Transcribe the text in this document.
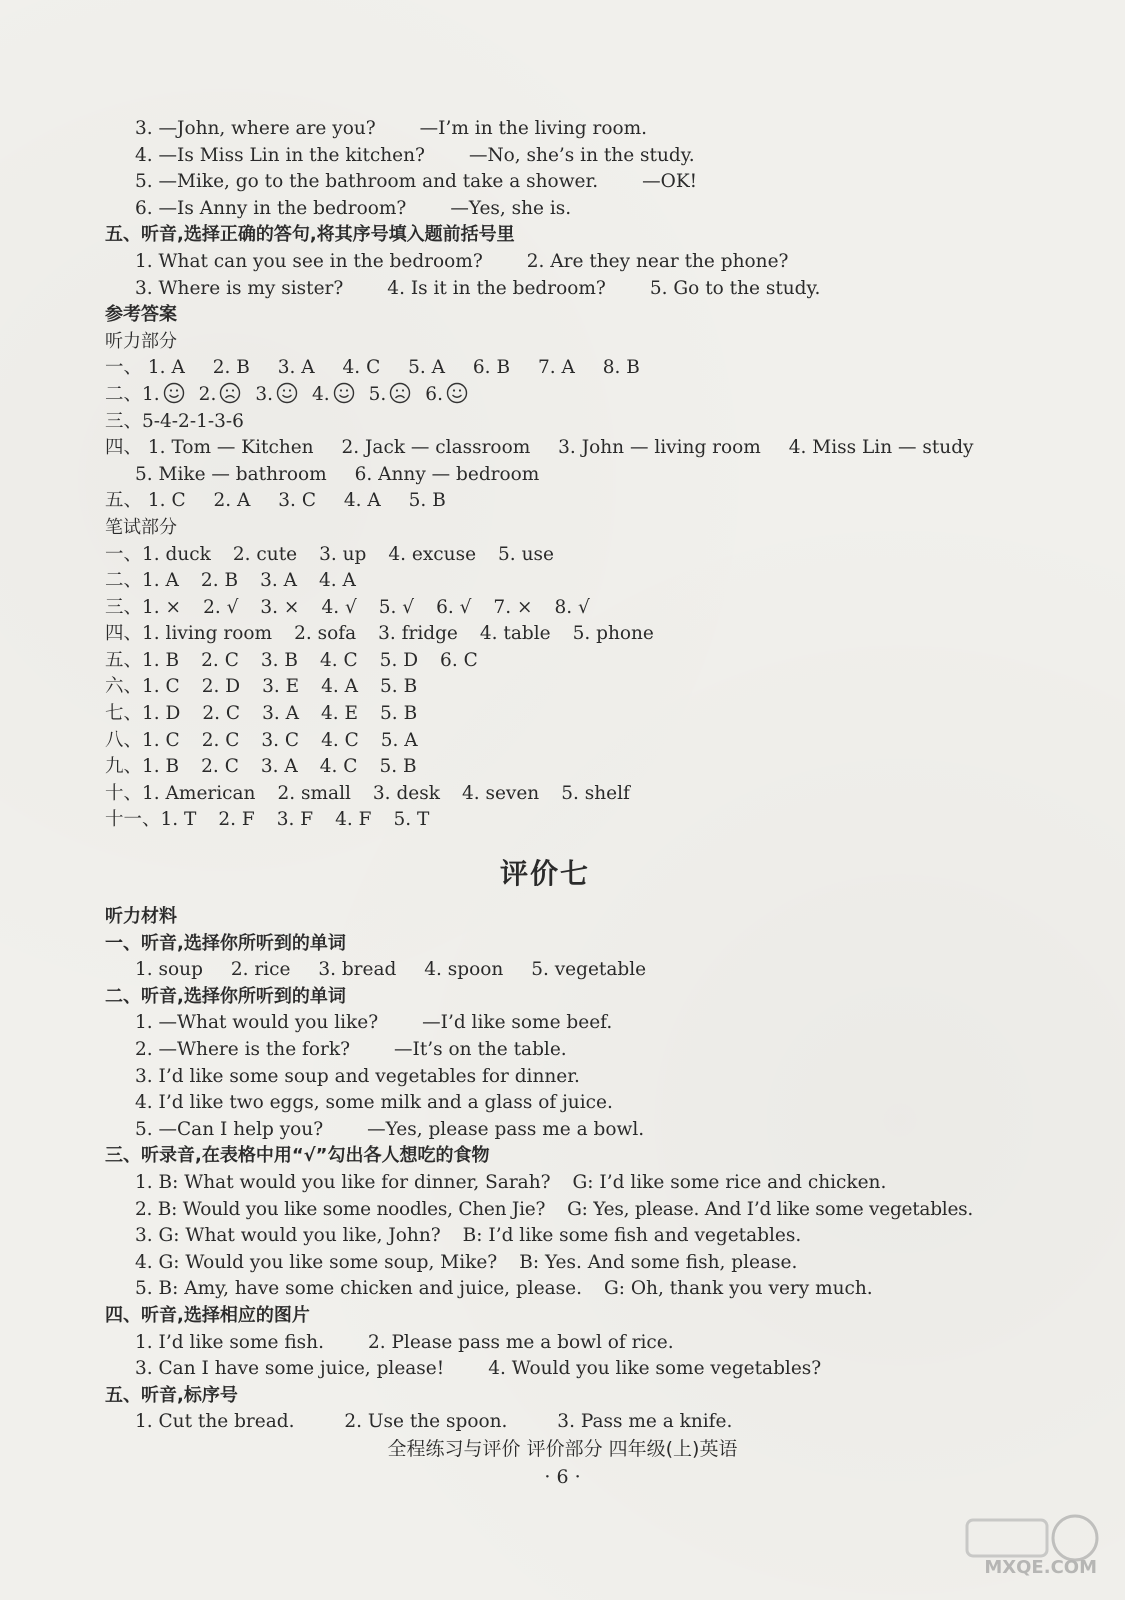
3. —John, where are you? —I’m in the living room.
4. —Is Miss Lin in the kitchen? —No, she’s in the study.
5. —Mike, go to the bathroom and take a shower. —OK!
6. —Is Anny in the bedroom? —Yes, she is.
五、听音,选择正确的答句,将其序号填入题前括号里
1. What can you see in the bedroom? 2. Are they near the phone?
3. Where is my sister? 4. Is it in the bedroom? 5. Go to the study.
参考答案
听力部分
一、 1. A 2. B 3. A 4. C 5. A 6. B 7. A 8. B
二、1. 2. 3. 4. 5. 6.
三、5-4-2-1-3-6
四、 1. Tom — Kitchen 2. Jack — classroom 3. John — living room 4. Miss Lin — study
5. Mike — bathroom 6. Anny — bedroom
五、 1. C 2. A 3. C 4. A 5. B
笔试部分
一、1. duck 2. cute 3. up 4. excuse 5. use
二、1. A 2. B 3. A 4. A
三、1. × 2. √ 3. × 4. √ 5. √ 6. √ 7. × 8. √
四、1. living room 2. sofa 3. fridge 4. table 5. phone
五、1. B 2. C 3. B 4. C 5. D 6. C
六、1. C 2. D 3. E 4. A 5. B
七、1. D 2. C 3. A 4. E 5. B
八、1. C 2. C 3. C 4. C 5. A
九、1. B 2. C 3. A 4. C 5. B
十、1. American 2. small 3. desk 4. seven 5. shelf
十一、1. T 2. F 3. F 4. F 5. T
评价七
听力材料
一、听音,选择你所听到的单词
1. soup 2. rice 3. bread 4. spoon 5. vegetable
二、听音,选择你所听到的单词
1. —What would you like? —I’d like some beef.
2. —Where is the fork? —It’s on the table.
3. I’d like some soup and vegetables for dinner.
4. I’d like two eggs, some milk and a glass of juice.
5. —Can I help you? —Yes, please pass me a bowl.
三、听录音,在表格中用“√”勾出各人想吃的食物
1. B: What would you like for dinner, Sarah? G: I’d like some rice and chicken.
2. B: Would you like some noodles, Chen Jie? G: Yes, please. And I’d like some vegetables.
3. G: What would you like, John? B: I’d like some fish and vegetables.
4. G: Would you like some soup, Mike? B: Yes. And some fish, please.
5. B: Amy, have some chicken and juice, please. G: Oh, thank you very much.
四、听音,选择相应的图片
1. I’d like some fish. 2. Please pass me a bowl of rice.
3. Can I have some juice, please! 4. Would you like some vegetables?
五、听音,标序号
1. Cut the bread.	2. Use the spoon.	3. Pass me a knife.
全程练习与评价 评价部分 四年级(上)英语
· 6 ·
MXQE.COM
